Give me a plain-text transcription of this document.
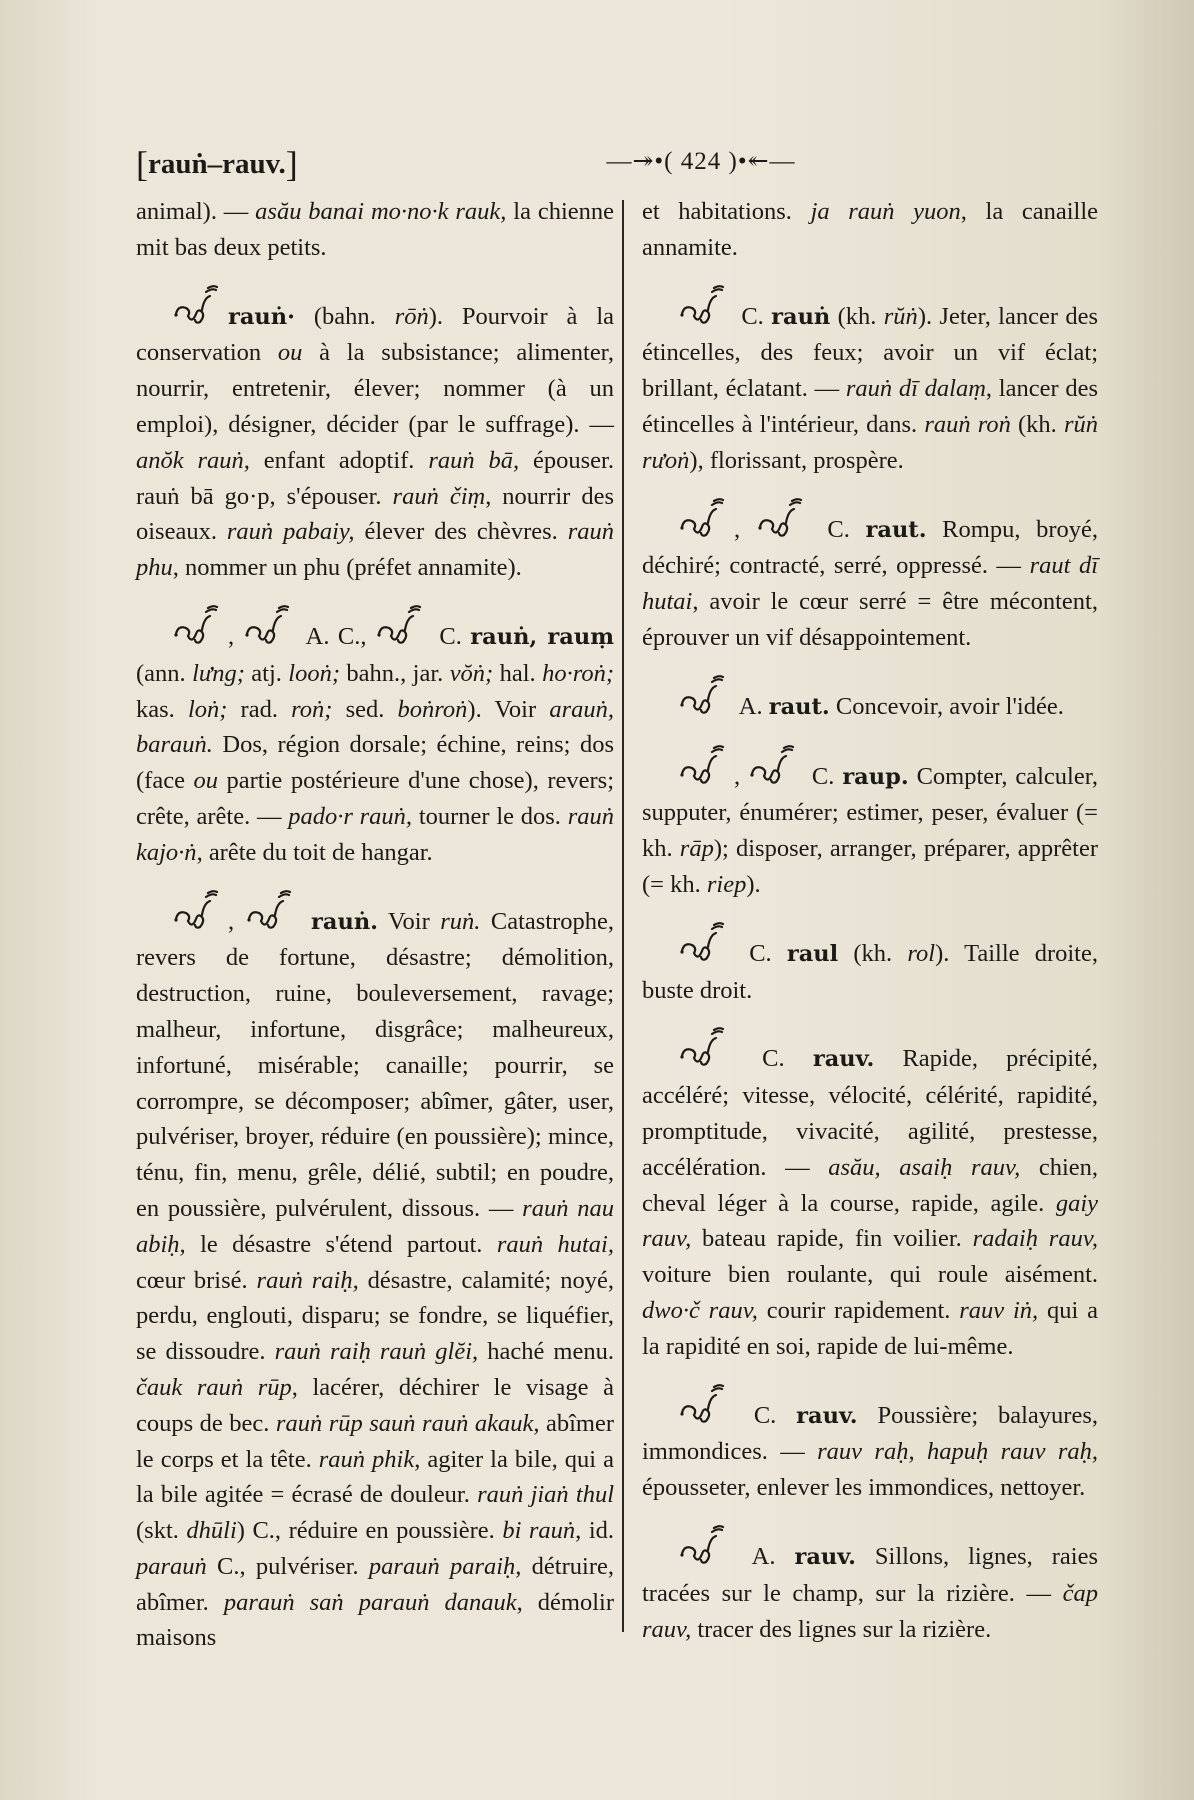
[rauṅ–rauv.]	—↠•( 424 )•↞—

animal). — asău banai mo·no·k rauk, la chienne mit bas deux petits.

rauṅ· (bahn. rōṅ). Pourvoir à la conservation ou à la subsistance; alimenter, nourrir, entretenir, élever; nommer (à un emploi), désigner, décider (par le suffrage). — anŏk rauṅ, enfant adoptif. rauṅ bā, épouser. rauṅ bā go·p, s'épouser. rauṅ čiṃ, nourrir des oiseaux. rauṅ pabaiy, élever des chèvres. rauṅ phu, nommer un phu (préfet annamite).

,  A. C.,  C. rauṅ, rauṃ (ann. lưng; atj. looṅ; bahn., jar. vŏṅ; hal. ho·roṅ; kas. loṅ; rad. roṅ; sed. boṅroṅ). Voir arauṅ, barauṅ. Dos, région dorsale; échine, reins; dos (face ou partie postérieure d'une chose), revers; crête, arête. — pado·r rauṅ, tourner le dos. rauṅ kajo·ṅ, arête du toit de hangar.

,	rauṅ. Voir ruṅ. Catastrophe, revers de fortune, désastre; démolition, destruction, ruine, bouleversement, ravage; malheur, infortune, disgrâce; malheureux, infortuné, misérable; canaille; pourrir, se corrompre, se décomposer; abîmer, gâter, user, pulvériser, broyer, réduire (en poussière); mince, ténu, fin, menu, grêle, délié, subtil; en poudre, en poussière, pulvérulent, dissous. — rauṅ nau abiḥ, le désastre s'étend partout. rauṅ hutai, cœur brisé. rauṅ raiḥ, désastre, calamité; noyé, perdu, englouti, disparu; se fondre, se liquéfier, se dissoudre. rauṅ raiḥ rauṅ glĕi, haché menu. čauk rauṅ rūp, lacérer, déchirer le visage à coups de bec. rauṅ rūp sauṅ rauṅ akauk, abîmer le corps et la tête. rauṅ phik, agiter la bile, qui a la bile agitée = écrasé de douleur. rauṅ jiaṅ thul (skt. dhūli) C., réduire en poussière. bi rauṅ, id. parauṅ C., pulvériser. parauṅ paraiḥ, détruire, abîmer. parauṅ saṅ parauṅ danauk, démolir maisons

et habitations. ja rauṅ yuon, la canaille annamite.

C. rauṅ (kh. rŭṅ). Jeter, lancer des étincelles, des feux; avoir un vif éclat; brillant, éclatant. — rauṅ dī dalaṃ, lancer des étincelles à l'intérieur, dans. rauṅ roṅ (kh. rŭṅ rưoṅ), florissant, prospère.

,  C. raut. Rompu, broyé, déchiré; contracté, serré, oppressé. — raut dī hutai, avoir le cœur serré = être mécontent, éprouver un vif désappointement.

A. raut. Concevoir, avoir l'idée.

,  C. raup. Compter, calculer, supputer, énumérer; estimer, peser, évaluer (= kh. rāp); disposer, arranger, préparer, apprêter (= kh. riep).

C. raul (kh. rol). Taille droite, buste droit.

C. rauv. Rapide, précipité, accéléré; vitesse, vélocité, célérité, rapidité, promptitude, vivacité, agilité, prestesse, accélération. — asău, asaiḥ rauv, chien, cheval léger à la course, rapide, agile. gaiy rauv, bateau rapide, fin voilier. radaiḥ rauv, voiture bien roulante, qui roule aisément. dwo·č rauv, courir rapidement. rauv iṅ, qui a la rapidité en soi, rapide de lui-même.

C. rauv. Poussière; balayures, immondices. — rauv raḥ, hapuḥ rauv raḥ, épousseter, enlever les immondices, nettoyer.

A. rauv. Sillons, lignes, raies tracées sur le champ, sur la rizière. — čap rauv, tracer des lignes sur la rizière.
